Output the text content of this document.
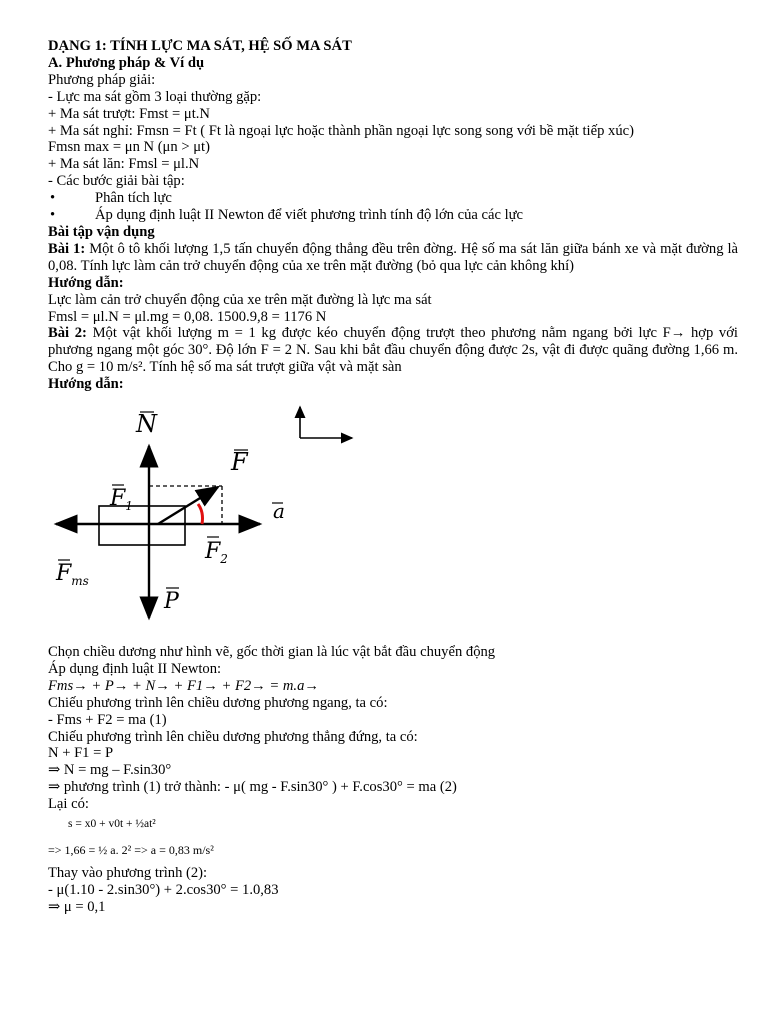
DẠNG 1: TÍNH LỰC MA SÁT, HỆ SỐ MA SÁT
A. Phương pháp & Ví dụ
Phương pháp giải:
- Lực ma sát gồm 3 loại thường gặp:
+ Ma sát trượt: Fmst = μt.N
+ Ma sát nghỉ: Fmsn = Ft ( Ft là ngoại lực hoặc thành phần ngoại lực song song với bề mặt tiếp xúc)
Fmsn max = μn N (μn > μt)
+ Ma sát lăn: Fmsl = μl.N
- Các bước giải bài tập:
• Phân tích lực
• Áp dụng định luật II Newton để viết phương trình tính độ lớn của các lực
Bài tập vận dụng
Bài 1: Một ô tô khối lượng 1,5 tấn chuyển động thẳng đều trên đờng. Hệ số ma sát lăn giữa bánh xe và mặt đường là 0,08. Tính lực làm cản trở chuyển động của xe trên mặt đường (bỏ qua lực cản không khí)
Hướng dẫn:
Lực làm cản trở chuyển động của xe trên mặt đường là lực ma sát
Fmsl = μl.N = μl.mg = 0,08. 1500.9,8 = 1176 N
Bài 2: Một vật khối lượng m = 1 kg được kéo chuyển động trượt theo phương nằm ngang bởi lực F→ hợp với phương ngang một góc 30°. Độ lớn F = 2 N. Sau khi bắt đầu chuyển động được 2s, vật đi được quãng đường 1,66 m. Cho g = 10 m/s². Tính hệ số ma sát trượt giữa vật và mặt sàn
Hướng dẫn:
N
F
$F_1$	a
$F_2$
$F_{ms}$
P
Chọn chiều dương như hình vẽ, gốc thời gian là lúc vật bắt đầu chuyển động
Áp dụng định luật II Newton:
Fms→ + P→ + N→ + F1→ + F2→ = m.a→
Chiếu phương trình lên chiều dương phương ngang, ta có:
- Fms + F2 = ma (1)
Chiếu phương trình lên chiều dương phương thẳng đứng, ta có:
N + F1 = P
⇒ N = mg – F.sin30°
⇒ phương trình (1) trở thành: - μ( mg - F.sin30° ) + F.cos30° = ma (2)
Lại có:
s = x0 + v0t + ½at²
=> 1,66 = ½ a. 2² => a = 0,83 m/s²
Thay vào phương trình (2):
- μ(1.10 - 2.sin30°) + 2.cos30° = 1.0,83
⇒ μ = 0,1
